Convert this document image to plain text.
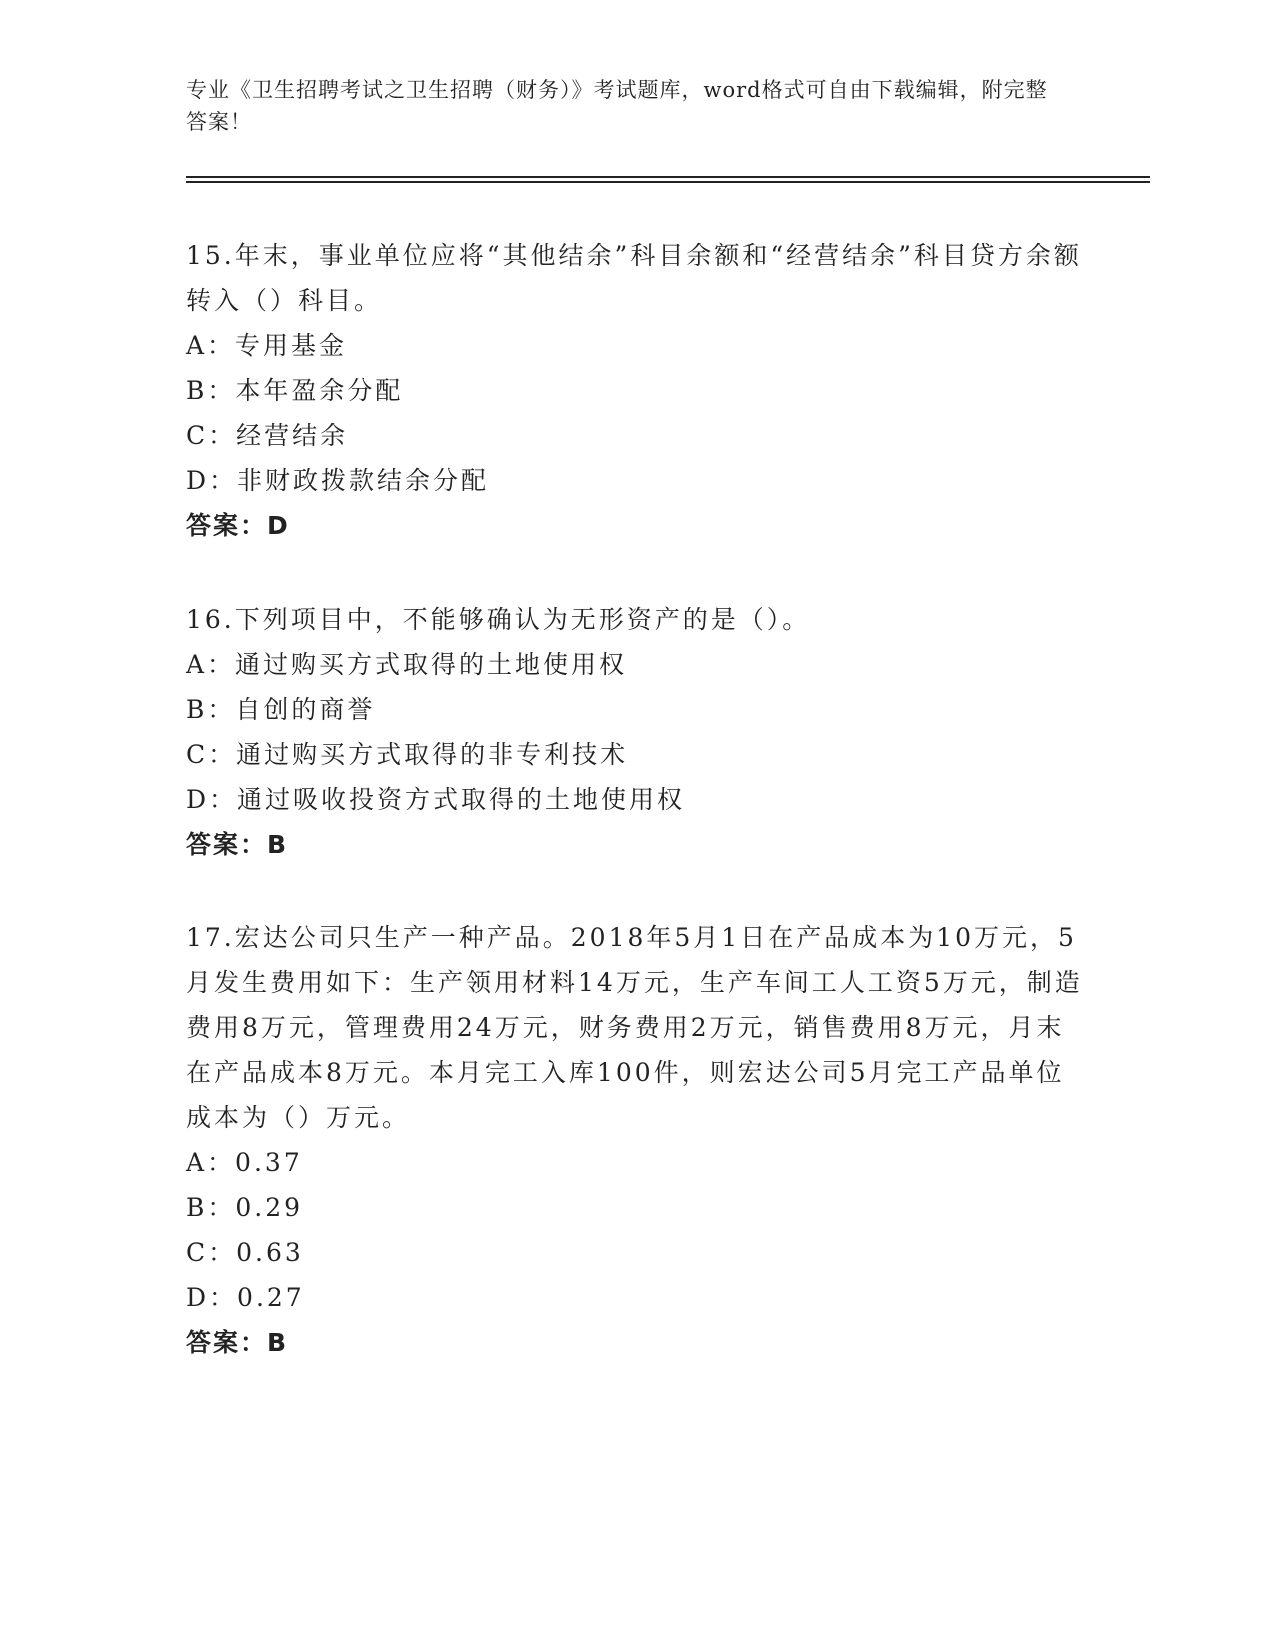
专业《卫生招聘考试之卫生招聘（财务）》考试题库，word格式可自由下载编辑，附完整答案！

15.年末，事业单位应将“其他结余”科目余额和“经营结余”科目贷方余额转入（）科目。

A：专用基金

B：本年盈余分配

C：经营结余

D：非财政拨款结余分配

答案：D

16.下列项目中，不能够确认为无形资产的是（）。

A：通过购买方式取得的土地使用权

B：自创的商誉

C：通过购买方式取得的非专利技术

D：通过吸收投资方式取得的土地使用权

答案：B

17.宏达公司只生产一种产品。2018年5月1日在产品成本为10万元，5月发生费用如下：生产领用材料14万元，生产车间工人工资5万元，制造费用8万元，管理费用24万元，财务费用2万元，销售费用8万元，月末在产品成本8万元。本月完工入库100件，则宏达公司5月完工产品单位成本为（）万元。

A：0.37

B：0.29

C：0.63

D：0.27

答案：B
